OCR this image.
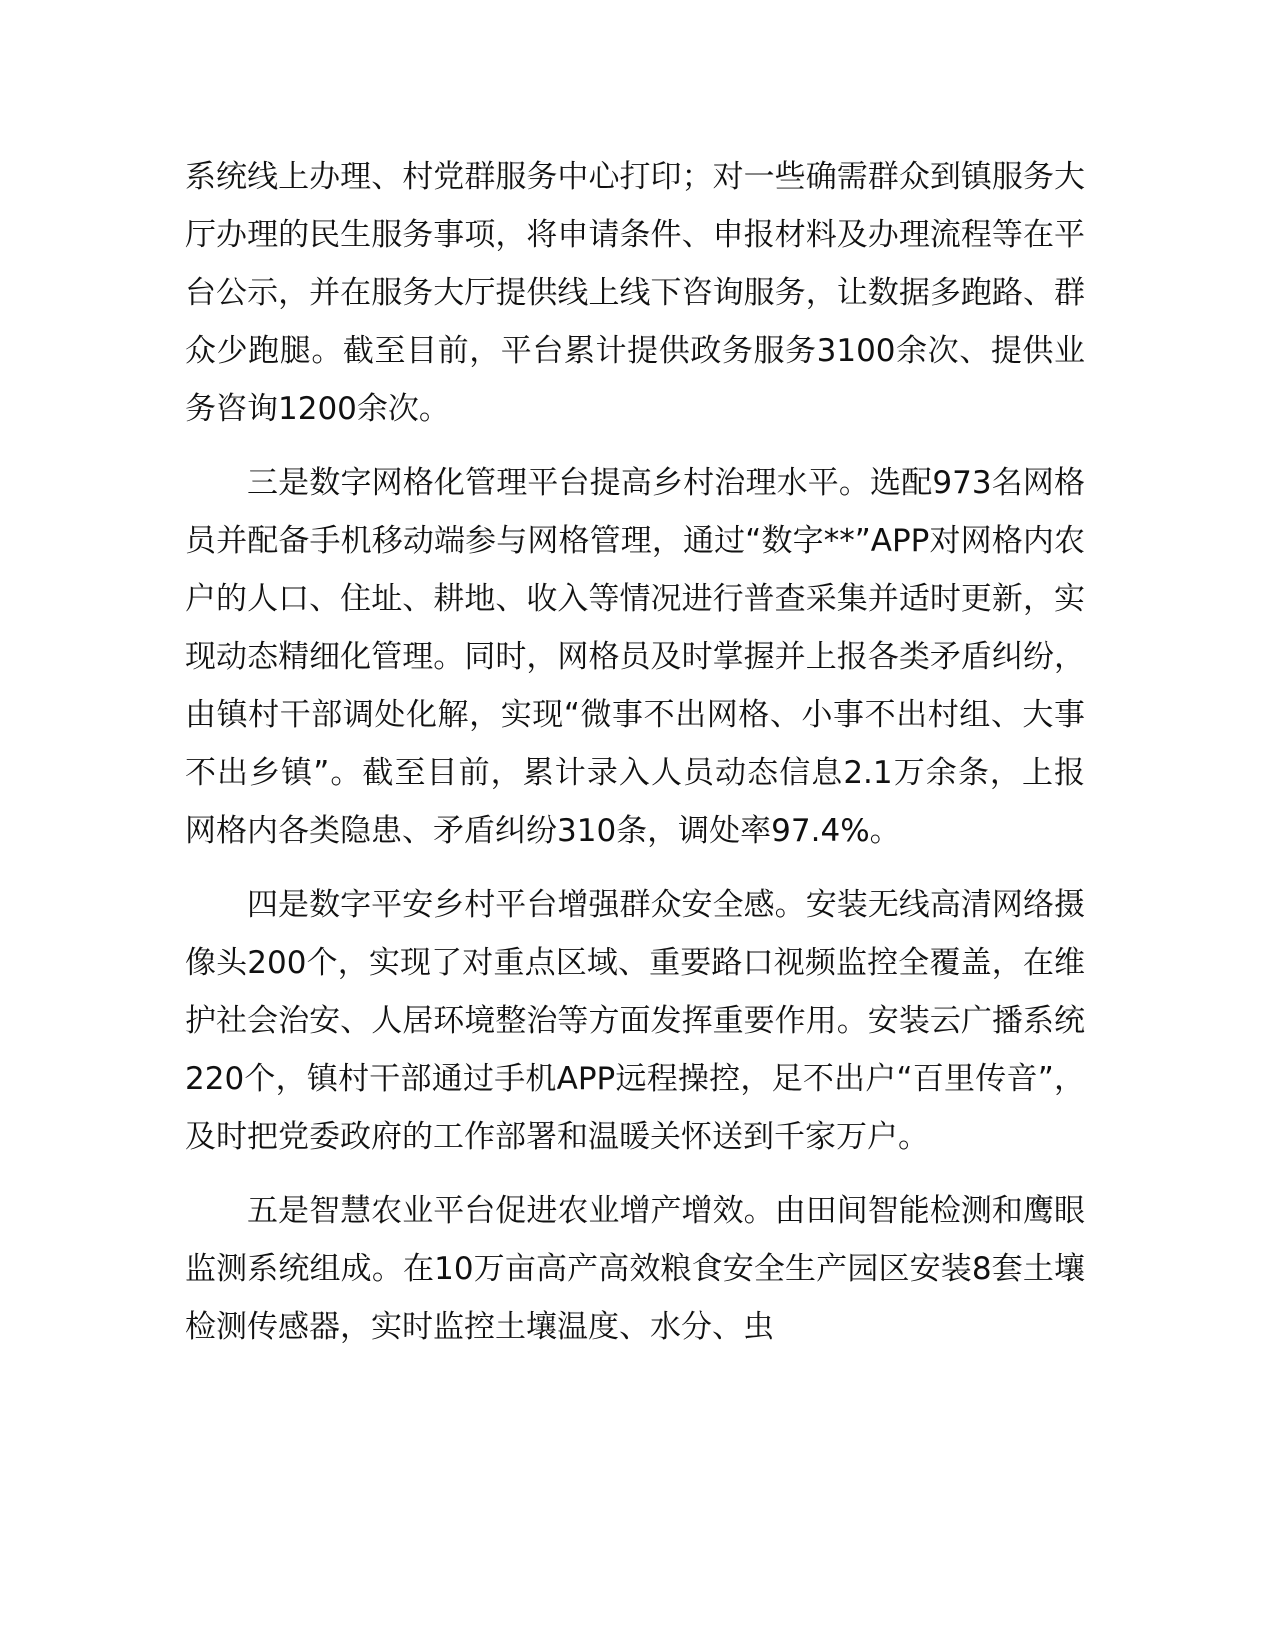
系统线上办理、村党群服务中心打印；对一些确需群众到镇服务大厅办理的民生服务事项，将申请条件、申报材料及办理流程等在平台公示，并在服务大厅提供线上线下咨询服务，让数据多跑路、群众少跑腿。截至目前，平台累计提供政务服务3100余次、提供业务咨询1200余次。

三是数字网格化管理平台提高乡村治理水平。选配973名网格员并配备手机移动端参与网格管理，通过“数字**”APP对网格内农户的人口、住址、耕地、收入等情况进行普查采集并适时更新，实现动态精细化管理。同时，网格员及时掌握并上报各类矛盾纠纷，由镇村干部调处化解，实现“微事不出网格、小事不出村组、大事不出乡镇”。截至目前，累计录入人员动态信息2.1万余条，上报网格内各类隐患、矛盾纠纷310条，调处率97.4%。

四是数字平安乡村平台增强群众安全感。安装无线高清网络摄像头200个，实现了对重点区域、重要路口视频监控全覆盖，在维护社会治安、人居环境整治等方面发挥重要作用。安装云广播系统220个，镇村干部通过手机APP远程操控，足不出户“百里传音”，及时把党委政府的工作部署和温暖关怀送到千家万户。

五是智慧农业平台促进农业增产增效。由田间智能检测和鹰眼监测系统组成。在10万亩高产高效粮食安全生产园区安装8套土壤检测传感器，实时监控土壤温度、水分、虫
